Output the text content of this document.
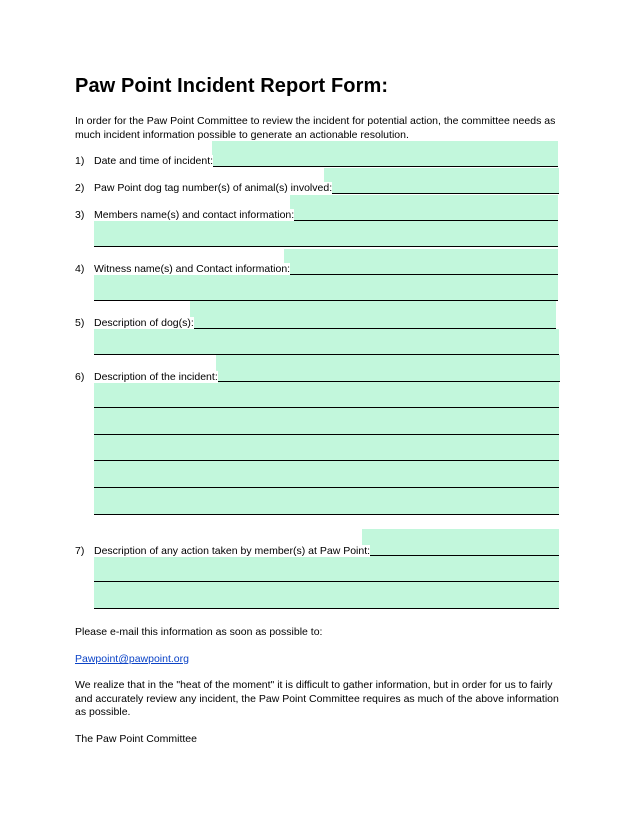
Paw Point Incident Report Form:
In order for the Paw Point Committee to review the incident for potential action, the committee needs as much incident information possible to generate an actionable resolution.
1) Date and time of incident:
2) Paw Point dog tag number(s) of animal(s) involved:
3) Members name(s) and contact information:
4) Witness name(s) and Contact information:
5) Description of dog(s):
6) Description of the incident:
7) Description of any action taken by member(s) at Paw Point:
Please e-mail this information as soon as possible to:
Pawpoint@pawpoint.org
We realize that in the "heat of the moment" it is difficult to gather information, but in order for us to fairly and accurately review any incident, the Paw Point Committee requires as much of the above information as possible.
The Paw Point Committee
